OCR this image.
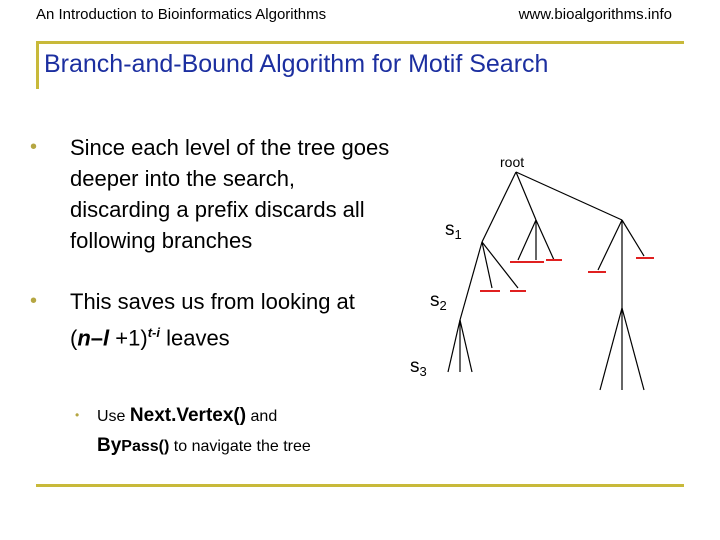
An Introduction to Bioinformatics Algorithms	www.bioalgorithms.info
Branch-and-Bound Algorithm for Motif Search
•	Since each level of the tree goes deeper into the search, discarding a prefix discards all following branches
•	This saves us from looking at $(n-l +1)^{t-i}$ leaves
•	Use Next.Vertex() and
ByPass() to navigate the tree
root
$s_1$
$s_2$
$s_3$
